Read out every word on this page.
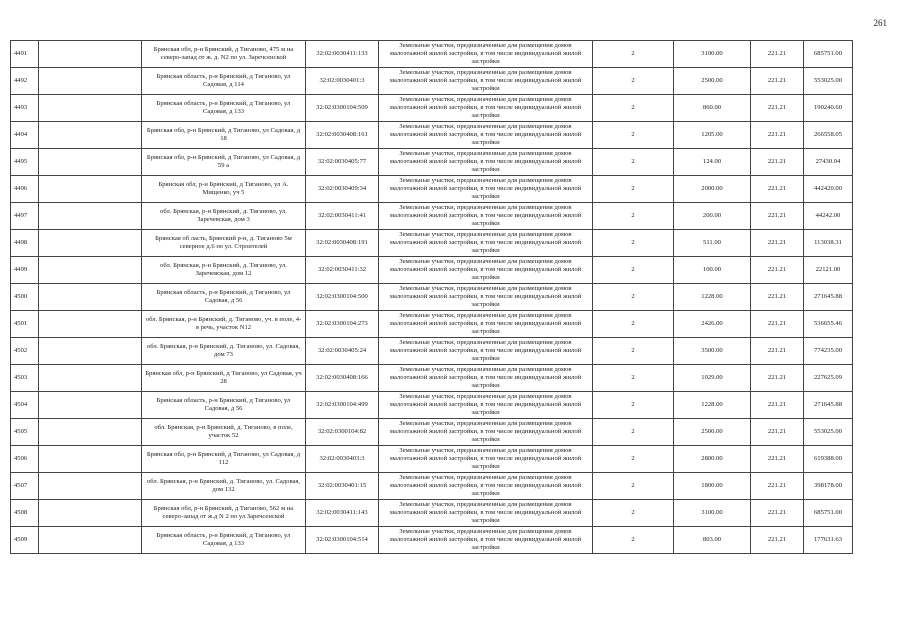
261
4491		Брянская обл, р-н Брянский, д Тиганово, 475 м на северо-запад от ж. д. N2 по ул. Заречсенской	32:02:0030411:133	Земельные участки, предназначенные для размещения домов малоэтажной жилой застройки, в том числе индивидуальной жилой застройки	2	3100.00	221.21	685751.00
4492		Брянская область, р-н Брянский, д Тиганово, ул Садовая, д 114	32:02:0030401:3	Земельные участки, предназначенные для размещения домов малоэтажной жилой застройки, в том числе индивидуальной жилой застройки	2	2500.00	221.21	553025.00
4493		Брянская область, р-н Брянский, д Тиганово, ул Садовая, д 133	32:02:0300104:509	Земельные участки, предназначенные для размещения домов малоэтажной жилой застройки, в том числе индивидуальной жилой застройки	2	860.00	221.21	190240.60
4494		Брянская обл, р-н Брянский, д Тиганово, ул Садовая, д 18	32:02:0030408:161	Земельные участки, предназначенные для размещения домов малоэтажной жилой застройки, в том числе индивидуальной жилой застройки	2	1205.00	221.21	266558.05
4495		Брянская обл, р-н Брянский, д Тиганово, ул Садовая, д 59 а	32:02:0030405:77	Земельные участки, предназначенные для размещения домов малоэтажной жилой застройки, в том числе индивидуальной жилой застройки	2	124.00	221.21	27430.04
4496		Брянская обл, р-н Брянский, д Тиганово, ул А. Мищенко, уч 5	32:02:0030409:34	Земельные участки, предназначенные для размещения домов малоэтажной жилой застройки, в том числе индивидуальной жилой застройки	2	2000.00	221.21	442420.00
4497		обл. Брянская, р-н Брянский, д. Тиганово, ул. Заречевская, дом 3	32:02:0030411:41	Земельные участки, предназначенные для размещения домов малоэтажной жилой застройки, в том числе индивидуальной жилой застройки	2	200.00	221.21	44242.00
4498		Брянская об ласть, Брянский р-н, д. Тиганово 5м северное д.6 по ул. Строителей	32:02:0030408:191	Земельные участки, предназначенные для размещения домов малоэтажной жилой застройки, в том числе индивидуальной жилой застройки	2	511.00	221.21	113038.31
4499		обл. Брянская, р-н Брянский, д. Тиганово, ул. Заречевская, дом 12	32:02:0030411:32	Земельные участки, предназначенные для размещения домов малоэтажной жилой застройки, в том числе индивидуальной жилой застройки	2	100.00	221.21	22121.00
4500		Брянская область, р-н Брянский, д Тиганово, ул Садовая, д 56	32:02:0300104:500	Земельные участки, предназначенные для размещения домов малоэтажной жилой застройки, в том числе индивидуальной жилой застройки	2	1228.00	221.21	271645.88
4501		обл. Брянская, р-н Брянский, д. Тиганово, уч. в поле, 4-я речь, участок N12	32:02:0300104:273	Земельные участки, предназначенные для размещения домов малоэтажной жилой застройки, в том числе индивидуальной жилой застройки	2	2426.00	221.21	536655.46
4502		обл. Брянская, р-н Брянский, д. Тиганово, ул. Садовая, дом 73	32:02:0030405:24	Земельные участки, предназначенные для размещения домов малоэтажной жилой застройки, в том числе индивидуальной жилой застройки	2	3500.00	221.21	774235.00
4503		Брянская обл, р-н Брянский, д Тиганово, ул Садовая, уч 28	32:02:0030408:166	Земельные участки, предназначенные для размещения домов малоэтажной жилой застройки, в том числе индивидуальной жилой застройки	2	1029.00	221.21	227625.09
4504		Брянская область, р-н Брянский, д Тиганово, ул Садовая, д 56	32:02:0300104:499	Земельные участки, предназначенные для размещения домов малоэтажной жилой застройки, в том числе индивидуальной жилой застройки	2	1228.00	221.21	271645.88
4505		обл. Брянская, р-н Брянский, д. Тиганово, в поле, участок 52	32:02:0300104:82	Земельные участки, предназначенные для размещения домов малоэтажной жилой застройки, в том числе индивидуальной жилой застройки	2	2500.00	221.21	553025.00
4506		Брянская обл, р-н Брянский, д Тиганово, ул Садовая, д 112	32:02:0030403:3	Земельные участки, предназначенные для размещения домов малоэтажной жилой застройки, в том числе индивидуальной жилой застройки	2	2800.00	221.21	619388.00
4507		обл. Брянская, р-н Брянский, д. Тиганово, ул. Садовая, дом 132	32:02:0030401:15	Земельные участки, предназначенные для размещения домов малоэтажной жилой застройки, в том числе индивидуальной жилой застройки	2	1800.00	221.21	398178.00
4508		Брянская обл, р-н Брянский, д Тиганово, 562 м на северо-запад от ж.д N 2 по ул Заречсенской	32:02:0030411:143	Земельные участки, предназначенные для размещения домов малоэтажной жилой застройки, в том числе индивидуальной жилой застройки	2	3100.00	221.21	685751.00
4509		Брянская область, р-н Брянский, д Тиганово, ул Садовая, д 133	32:02:0300104:514	Земельные участки, предназначенные для размещения домов малоэтажной жилой застройки, в том числе индивидуальной жилой застройки	2	803.00	221.21	177631.63
